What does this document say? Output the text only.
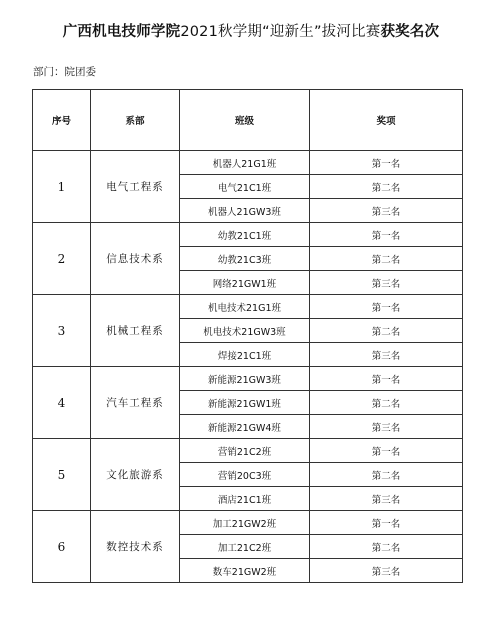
广西机电技师学院2021秋学期“迎新生”拔河比赛获奖名次
部门：院团委
序号	系部	班级	奖项
1	电气工程系	机器人21G1班	第一名
		电气21C1班	第二名
		机器人21GW3班	第三名
2	信息技术系	幼教21C1班	第一名
		幼教21C3班	第二名
		网络21GW1班	第三名
3	机械工程系	机电技术21G1班	第一名
		机电技术21GW3班	第二名
		焊接21C1班	第三名
4	汽车工程系	新能源21GW3班	第一名
		新能源21GW1班	第二名
		新能源21GW4班	第三名
5	文化旅游系	营销21C2班	第一名
		营销20C3班	第二名
		酒店21C1班	第三名
6	数控技术系	加工21GW2班	第一名
		加工21C2班	第二名
		数车21GW2班	第三名
